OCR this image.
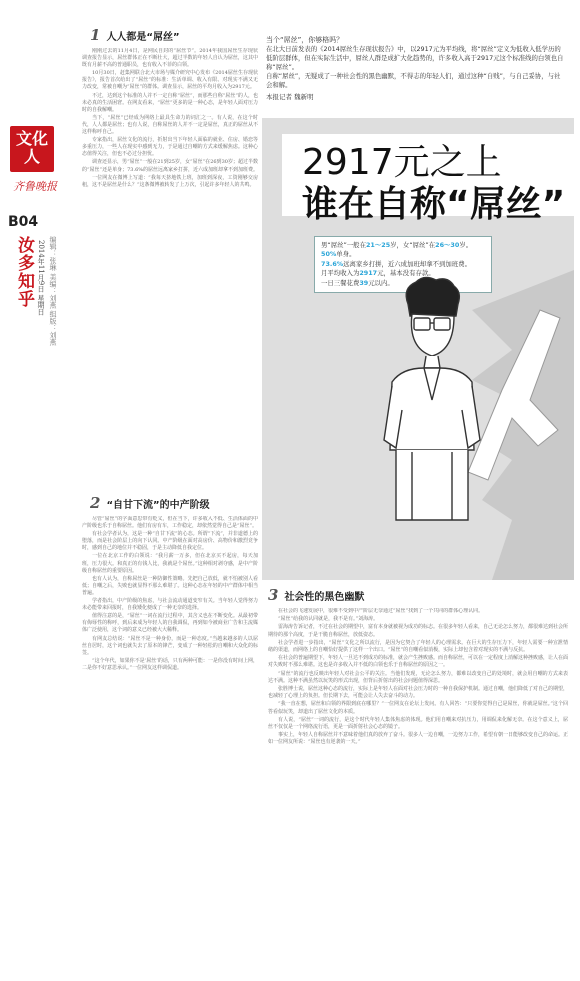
文化人
齐鲁晚报
B04
汝多知乎 2014年11月9日 星期日 编辑：张琳 美编：刘燕 组版：刘燕
1 人人都是“屌丝”

刚刚过去的11月4日，是网民自封的“屌丝节”。2014年我国屌丝生存现状调查报告显示，屌丝群体正在不断壮大，超过半数的年轻人自认为屌丝，这其中既有月薪不高的普通职员，也有收入不菲的白领。

10月30日，赶集网联合北大市场与媒介研究中心发布《2014屌丝生存现状报告》，报告首次给出了“屌丝”的标准：生活单调、收入有限、对现实不满又无力改变，常被自嘲为“屌丝”的群体。调查显示，屌丝的平均月收入为2917元。

不过，达到这个标准的人并不一定自称“屌丝”，而那些自称“屌丝”的人，也未必真的生活困窘。在网友看来，“屌丝”更多的是一种心态，是年轻人面对压力时的自我解嘲。

当下，“屌丝”已经成为网络上最具生命力的词汇之一。有人说，在这个时代，人人都是屌丝；也有人说，自称屌丝的人并不一定是屌丝，真正的屌丝从不这样称呼自己。

专家指出，屌丝文化的流行，折射出当下年轻人面临的就业、住房、婚恋等多重压力，一些人在现实中感到无力，于是通过自嘲的方式来缓解焦虑。这种心态值得关注，但也不必过分担忧。

调查还显示，男“屌丝”一般在21到25岁，女“屌丝”在26到30岁；超过半数的“屌丝”还是单身；73.6%的屌丝远离家乡打拼，近六成加班却拿不到加班费。

一位网友在微博上写道：“我每天挤地铁上班，加班到深夜，工资刚够交房租，这不是屌丝是什么？”这条微博被转发了上万次，引起许多年轻人的共鸣。

2 “自甘下流”的中产阶级

尽管“屌丝”的字面意思带有贬义，但在当下，许多收入不低、生活体面的中产阶级也乐于自称屌丝。他们有房有车，工作稳定，却依然觉得自己是“屌丝”。

有社会学者认为，这是一种“自甘下流”的心态。所谓“下流”，并非道德上的堕落，而是社会阶层上的向下认同。中产阶级在面对高房价、高物价和激烈竞争时，感到自己的地位并不稳固，于是主动降低自我定位。

一位在北京工作的白领说：“我月薪一万多，但在北京买不起房，每天加班，压力很大。和真正的有钱人比，我就是个屌丝。”这种相对剥夺感，是中产阶级自称屌丝的重要原因。

也有人认为，自称屌丝是一种防御性策略。先把自己放低，就不怕被别人看低；自嘲之后，失败也就显得不那么难堪了。这种心态在年轻的中产群体中相当普遍。

学者指出，中产阶级的焦虑，与社会流动通道变窄有关。当年轻人觉得努力未必能带来回报时，自我矮化便成了一种无奈的选择。

值得注意的是，“屌丝”一词在流行过程中，其含义也在不断变化。从最初带有侮辱性的称呼，到后来成为年轻人的自我调侃，再到如今被商业广告和主流媒体广泛使用，这个词的意义已经被大大稀释。

有网友总结说：“屌丝不是一种身份，而是一种态度。”当越来越多的人以屌丝自居时，这个词也就失去了原本的锋芒，变成了一种轻松的自嘲和大众化的标签。

“这个年代，如果你不是‘屌丝’的话，只有两种可能：一是你没有时间上网，二是你不好意思承认。”一位网友这样调侃道。

当个“屌丝”，你够格吗？

在北大日前发表的《2014屌丝生存现状报告》中，以2917元为平均线，将“屌丝”定义为低收入低学历的低阶层群体，但在实际生活中，屌丝人群是成扩大化趋势的，许多收入高于2917元这个标准线的白领也自称“屌丝”。

自称“屌丝”，无疑成了一种社会性的黑色幽默，不得志的年轻人们，通过这种“自贱”，与自己妥协，与社会和解。

本报记者 魏新明

2917元之上
谁在自称“屌丝”

男“屌丝”一般在21～25岁，女“屌丝”在26～30岁。

50%单身。

73.6%远离家乡打拼，近六成加班却拿不到加班费。

月平均收入为2917元，基本没有存款。

一日三餐花费39元以内。

3 社会性的黑色幽默

在社会的飞速发展中，很难不受到中产阶层无奈通过“屌丝”找到了一个共同的群体心理认同。

“屌丝”给我的认同就是，我不是有。”刘海涛。

雷海涛告诉记者，不过在社会的期望中，富有本身就被视为成功的标志。在很多年轻人看来，自己无论怎么努力，都很难达到社会所期待的那个高度，于是干脆自称屌丝，放低姿态。

社会学者进一步指出，“屌丝”文化之所以流行，是因为它契合了年轻人的心理需求。在巨大的生存压力下，年轻人需要一种宣泄情绪的渠道，而网络上的自嘲恰好提供了这样一个出口。“屌丝”的自嘲看似消极，实际上却包含着对现实的不满与反抗。

在社会的普遍期望下，年轻人一旦达不到成功的标准，就会产生挫败感。而自称屌丝，可以在一定程度上消解这种挫败感，让人在面对失败时不那么难堪。这也是许多收入并不低的白领也乐于自称屌丝的原因之一。

“屌丝”的流行也反映出年轻人对社会公平的关注。当他们发现，无论怎么努力，都难以改变自己的处境时，就会用自嘲的方式来表达不满。这种不满虽然以玩笑的形式出现，但背后折射出的社会问题值得深思。

张胜博士说，屌丝这种心态的流行，实际上是年轻人在面对社会压力时的一种自我保护机制。通过自嘲，他们降低了对自己的期望，也减轻了心理上的负担。但长期下去，可能会让人失去奋斗的动力。

“我一直在想，屌丝和白领的界限到底在哪里？”一位网友在论坛上发问。有人回答：“只要你觉得自己是屌丝，你就是屌丝。”这个回答看似玩笑，却道出了屌丝文化的本质。

有人说，“屌丝”一词的流行，是这个时代年轻人集体焦虑的体现。他们用自嘲来对抗压力，用调侃来化解无奈。在这个意义上，屌丝不仅仅是一个网络流行语，更是一面折射社会心态的镜子。

事实上，年轻人自称屌丝并不意味着他们真的放弃了奋斗。很多人一边自嘲，一边努力工作，希望有朝一日能够改变自己的命运。正如一位网友所说：“屌丝也有逆袭的一天。”
